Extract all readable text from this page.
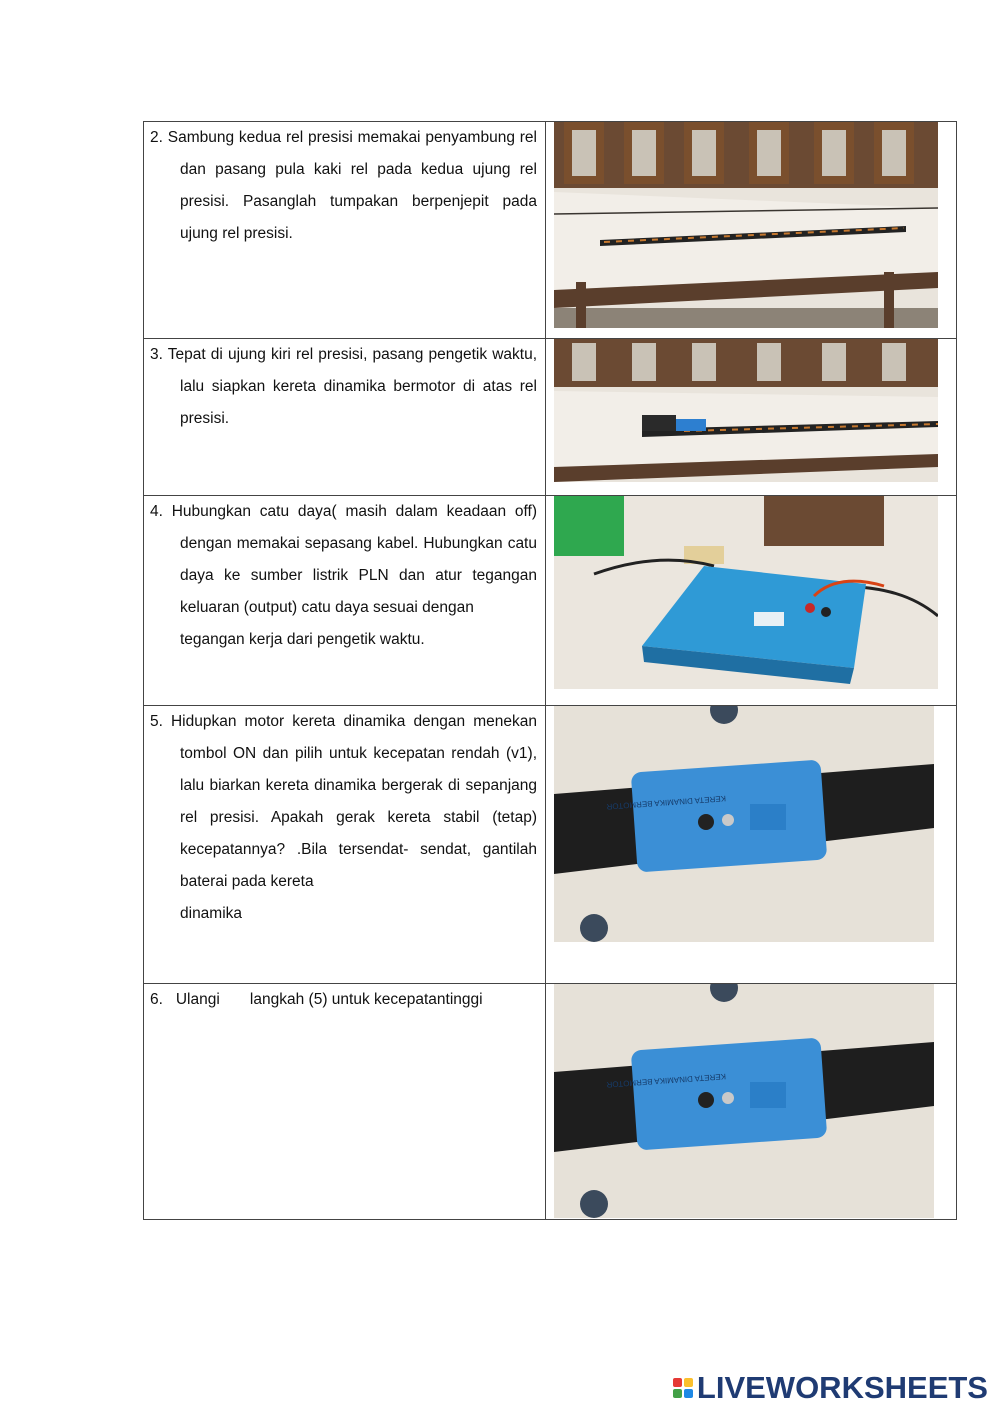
2. Sambung kedua rel presisi memakai penyambung rel dan pasang pula kaki rel pada kedua ujung rel presisi. Pasanglah tumpakan berpenjepit pada ujung rel presisi.

3. Tepat di ujung kiri rel presisi, pasang pengetik waktu, lalu siapkan kereta dinamika bermotor di atas rel presisi.

4. Hubungkan catu daya( masih dalam keadaan off) dengan memakai sepasang kabel. Hubungkan catu daya ke sumber listrik PLN dan atur tegangan keluaran (output) catu daya sesuai dengan
tegangan kerja dari pengetik waktu.

5. Hidupkan motor kereta dinamika dengan menekan tombol ON dan pilih untuk kecepatan rendah (v1), lalu biarkan kereta dinamika bergerak di sepanjang rel presisi. Apakah gerak kereta stabil (tetap) kecepatannya? .Bila tersendat- sendat, gantilah baterai pada kereta
dinamika	KERETA DINAMIKA BERMOTOR

6.   Ulangi       langkah (5) untuk kecepatantinggi	KERETA DINAMIKA BERMOTOR
LIVEWORKSHEETS
